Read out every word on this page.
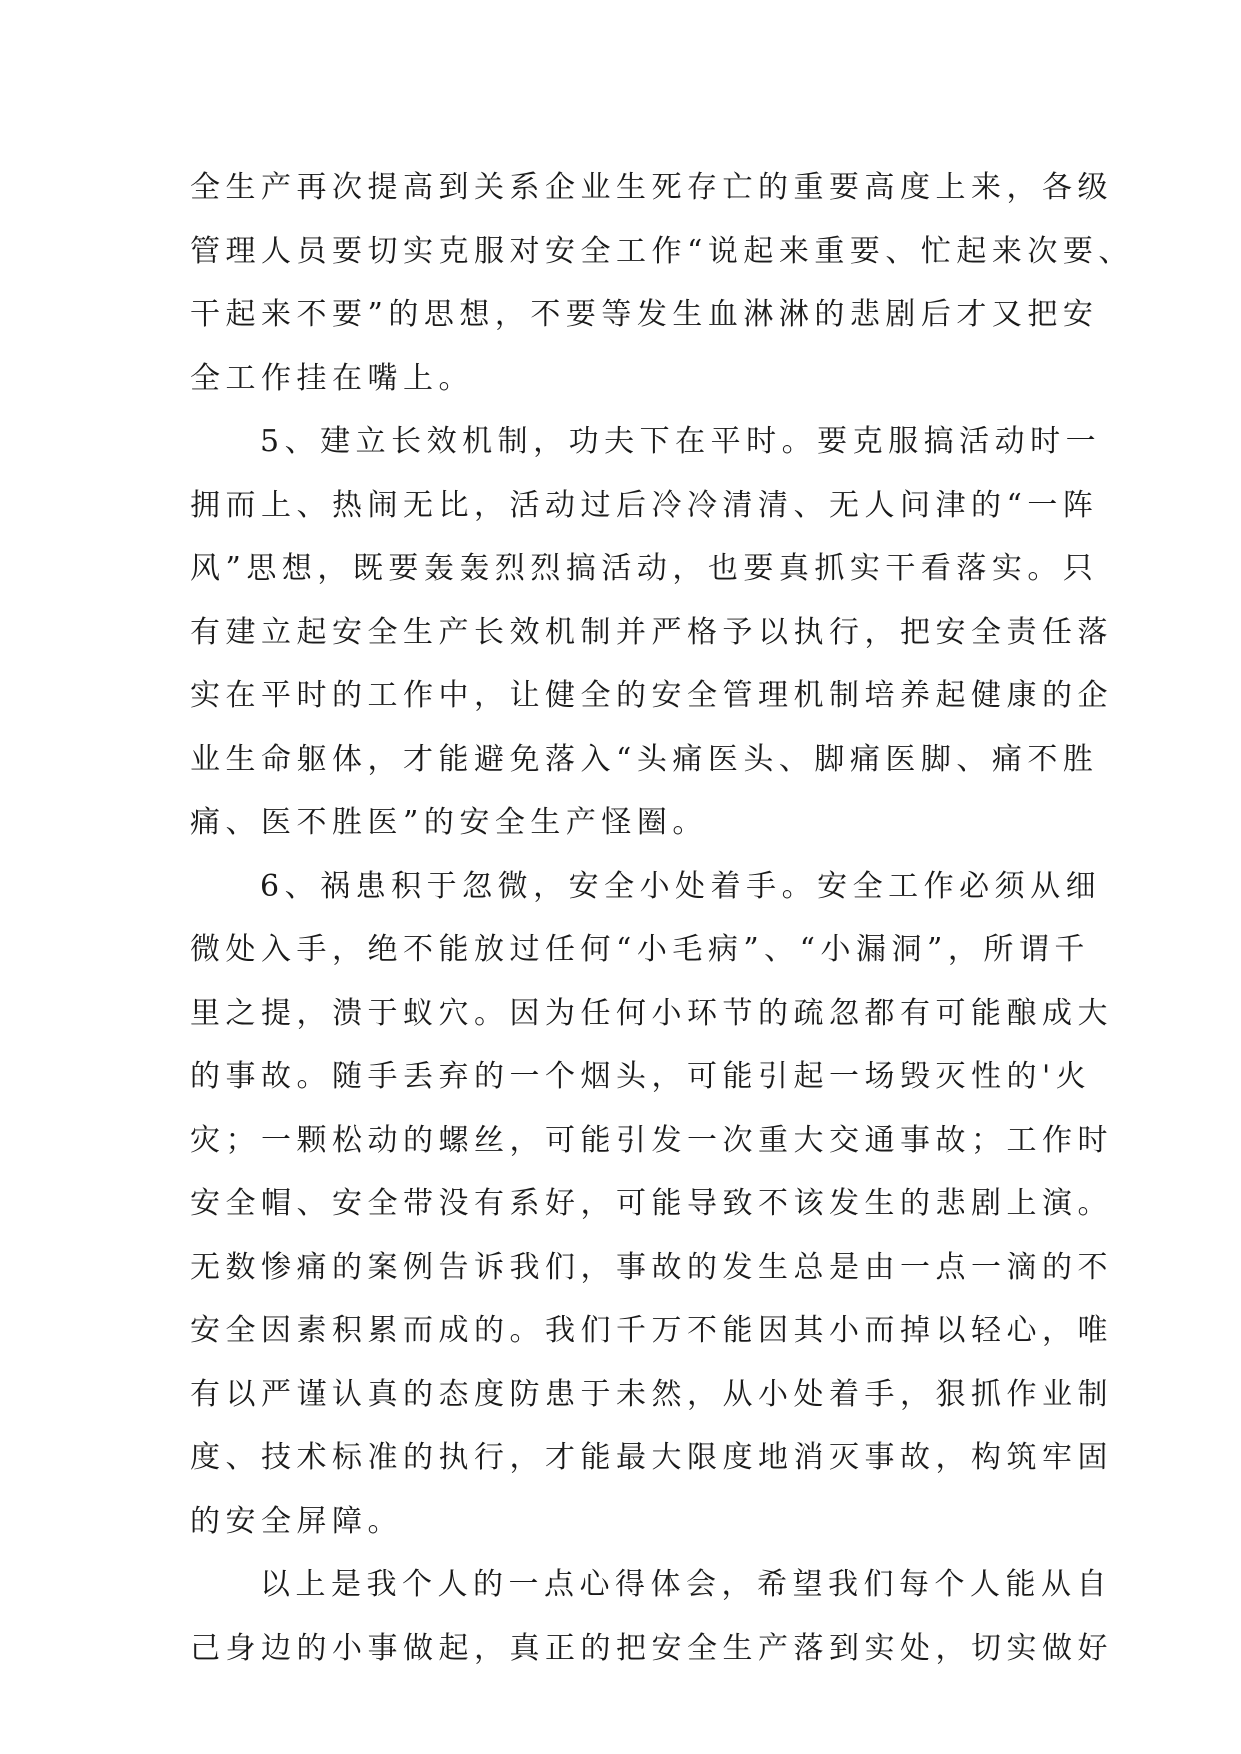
全生产再次提高到关系企业生死存亡的重要高度上来，各级
管理人员要切实克服对安全工作“说起来重要、忙起来次要、
干起来不要”的思想，不要等发生血淋淋的悲剧后才又把安
全工作挂在嘴上。
5、建立长效机制，功夫下在平时。要克服搞活动时一
拥而上、热闹无比，活动过后冷冷清清、无人问津的“一阵
风”思想，既要轰轰烈烈搞活动，也要真抓实干看落实。只
有建立起安全生产长效机制并严格予以执行，把安全责任落
实在平时的工作中，让健全的安全管理机制培养起健康的企
业生命躯体，才能避免落入“头痛医头、脚痛医脚、痛不胜
痛、医不胜医”的安全生产怪圈。
6、祸患积于忽微，安全小处着手。安全工作必须从细
微处入手，绝不能放过任何“小毛病”、“小漏洞”，所谓千
里之提，溃于蚁穴。因为任何小环节的疏忽都有可能酿成大
的事故。随手丢弃的一个烟头，可能引起一场毁灭性的'火
灾；一颗松动的螺丝，可能引发一次重大交通事故；工作时
安全帽、安全带没有系好，可能导致不该发生的悲剧上演。
无数惨痛的案例告诉我们，事故的发生总是由一点一滴的不
安全因素积累而成的。我们千万不能因其小而掉以轻心，唯
有以严谨认真的态度防患于未然，从小处着手，狠抓作业制
度、技术标准的执行，才能最大限度地消灭事故，构筑牢固
的安全屏障。
以上是我个人的一点心得体会，希望我们每个人能从自
己身边的小事做起，真正的把安全生产落到实处，切实做好
